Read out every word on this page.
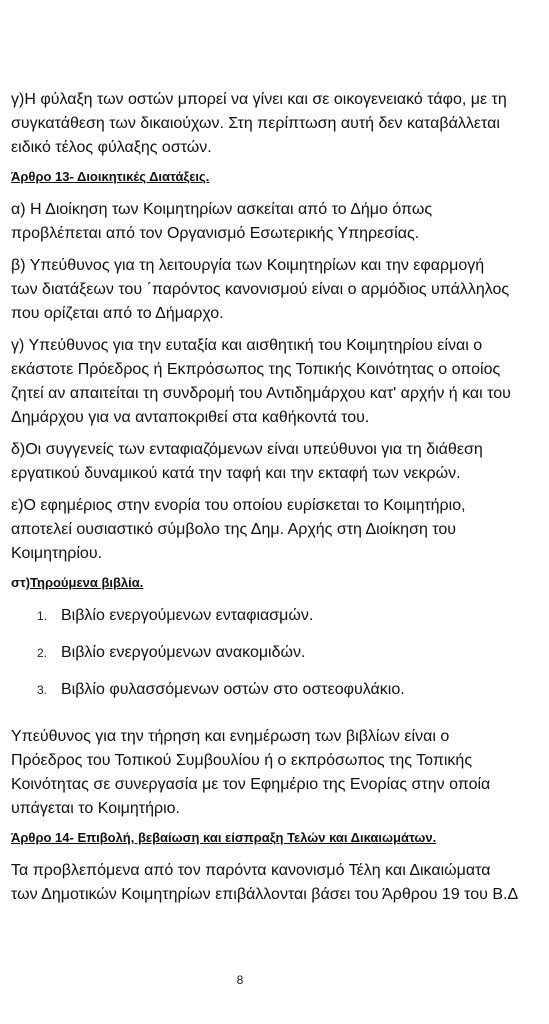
γ)Η φύλαξη των οστών μπορεί να γίνει και σε οικογενειακό τάφο, με τη
συγκατάθεση των δικαιούχων. Στη περίπτωση αυτή δεν καταβάλλεται
ειδικό τέλος φύλαξης οστών.

Άρθρο 13- Διοικητικές Διατάξεις.

α) Η Διοίκηση των Κοιμητηρίων ασκείται από το Δήμο όπως
προβλέπεται από τον Οργανισμό Εσωτερικής Υπηρεσίας.

β) Υπεύθυνος για τη λειτουργία των Κοιμητηρίων και την εφαρμογή
των διατάξεων του ΄παρόντος κανονισμού είναι ο αρμόδιος υπάλληλος
που ορίζεται από το Δήμαρχο.

γ) Υπεύθυνος για την ευταξία και αισθητική του Κοιμητηρίου είναι ο
εκάστοτε Πρόεδρος ή Εκπρόσωπος της Τοπικής Κοινότητας ο οποίος
ζητεί αν απαιτείται τη συνδρομή του Αντιδημάρχου κατ' αρχήν ή και του
Δημάρχου για να ανταποκριθεί στα καθήκοντά του.

δ)Οι συγγενείς των ενταφιαζόμενων είναι υπεύθυνοι για τη διάθεση
εργατικού δυναμικού κατά την ταφή και την εκταφή των νεκρών.

ε)Ο εφημέριος στην ενορία του οποίου ευρίσκεται το Κοιμητήριο,
αποτελεί ουσιαστικό σύμβολο της Δημ. Αρχής στη Διοίκηση του
Κοιμητηρίου.

στ)Τηρούμενα βιβλία.
1. Βιβλίο ενεργούμενων ενταφιασμών.
2. Βιβλίο ενεργούμενων ανακομιδών.
3. Βιβλίο φυλασσόμενων οστών στο οστεοφυλάκιο.

Υπεύθυνος για την τήρηση και ενημέρωση των βιβλίων είναι ο
Πρόεδρος του Τοπικού Συμβουλίου ή ο εκπρόσωπος της Τοπικής
Κοινότητας σε συνεργασία με τον Εφημέριο της Ενορίας στην οποία
υπάγεται το Κοιμητήριο.

Άρθρο 14- Επιβολή, βεβαίωση και είσπραξη Τελών και Δικαιωμάτων.

Τα προβλεπόμενα από τον παρόντα κανονισμό Τέλη και Δικαιώματα
των Δημοτικών Κοιμητηρίων επιβάλλονται βάσει του Άρθρου 19 του Β.Δ

8
